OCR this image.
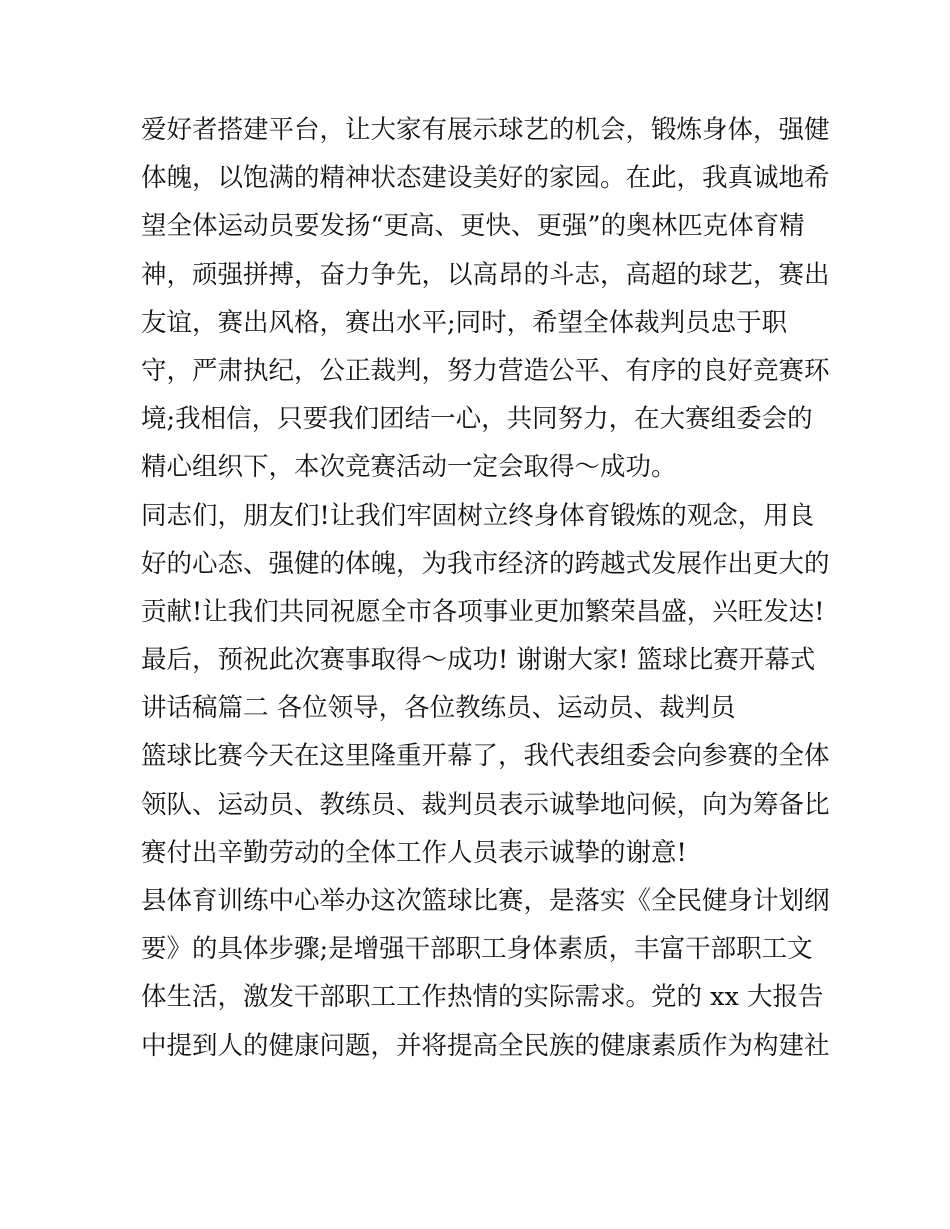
爱好者搭建平台，让大家有展示球艺的机会，锻炼身体，强健
体魄，以饱满的精神状态建设美好的家园。在此，我真诚地希
望全体运动员要发扬“更高、更快、更强”的奥林匹克体育精
神，顽强拼搏，奋力争先，以高昂的斗志，高超的球艺，赛出
友谊，赛出风格，赛出水平;同时，希望全体裁判员忠于职
守，严肃执纪，公正裁判，努力营造公平、有序的良好竞赛环
境;我相信，只要我们团结一心，共同努力，在大赛组委会的
精心组织下，本次竞赛活动一定会取得～成功。
同志们，朋友们!让我们牢固树立终身体育锻炼的观念，用良
好的心态、强健的体魄，为我市经济的跨越式发展作出更大的
贡献!让我们共同祝愿全市各项事业更加繁荣昌盛，兴旺发达!
最后，预祝此次赛事取得～成功! 谢谢大家! 篮球比赛开幕式
讲话稿篇二 各位领导，各位教练员、运动员、裁判员
篮球比赛今天在这里隆重开幕了，我代表组委会向参赛的全体
领队、运动员、教练员、裁判员表示诚挚地问候，向为筹备比
赛付出辛勤劳动的全体工作人员表示诚挚的谢意!
县体育训练中心举办这次篮球比赛，是落实《全民健身计划纲
要》的具体步骤;是增强干部职工身体素质，丰富干部职工文
体生活，激发干部职工工作热情的实际需求。党的 xx 大报告
中提到人的健康问题，并将提高全民族的健康素质作为构建社
